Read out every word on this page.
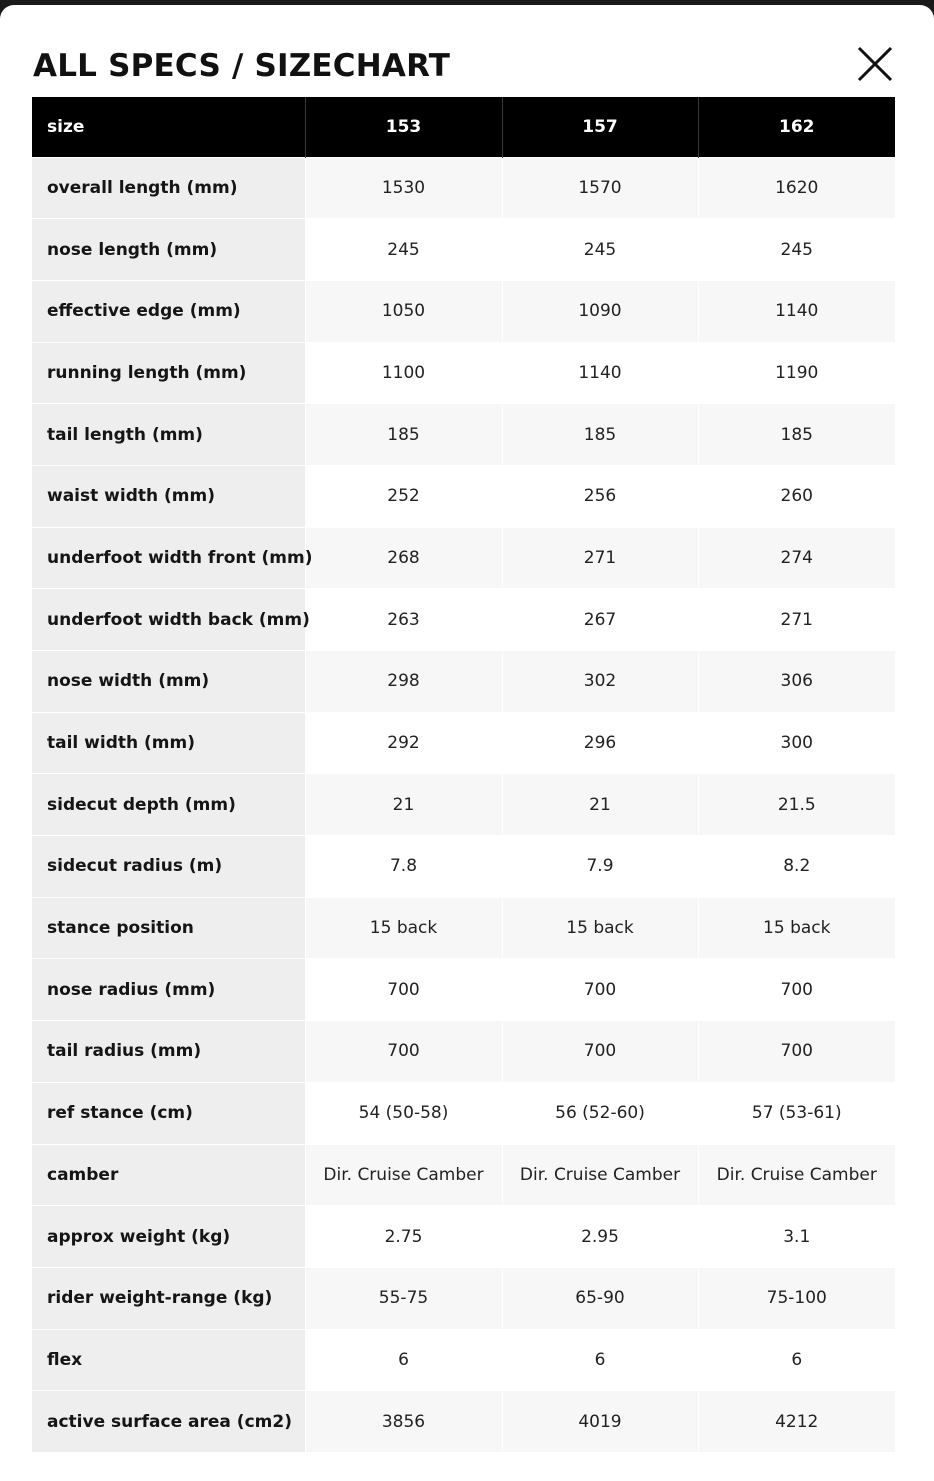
ALL SPECS / SIZECHART
size	153	157	162
overall length (mm)	1530	1570	1620
nose length (mm)	245	245	245
effective edge (mm)	1050	1090	1140
running length (mm)	1100	1140	1190
tail length (mm)	185	185	185
waist width (mm)	252	256	260
underfoot width front (mm)	268	271	274
underfoot width back (mm)	263	267	271
nose width (mm)	298	302	306
tail width (mm)	292	296	300
sidecut depth (mm)	21	21	21.5
sidecut radius (m)	7.8	7.9	8.2
stance position	15 back	15 back	15 back
nose radius (mm)	700	700	700
tail radius (mm)	700	700	700
ref stance (cm)	54 (50-58)	56 (52-60)	57 (53-61)
camber	Dir. Cruise Camber	Dir. Cruise Camber	Dir. Cruise Camber
approx weight (kg)	2.75	2.95	3.1
rider weight-range (kg)	55-75	65-90	75-100
flex	6	6	6
active surface area (cm2)	3856	4019	4212
